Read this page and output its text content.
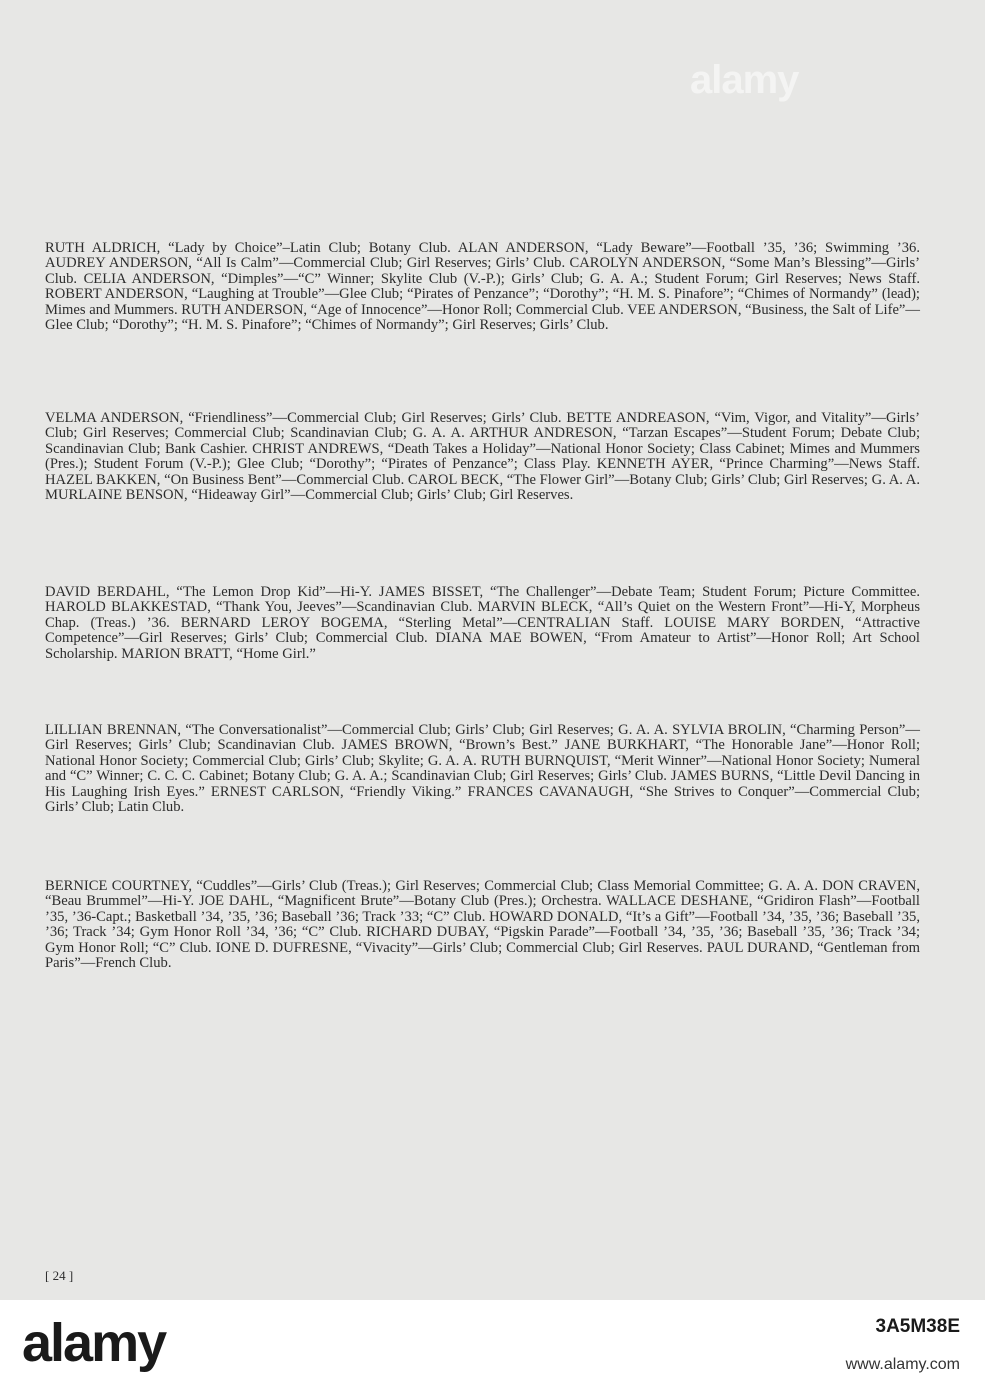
alamy

RUTH ALDRICH, “Lady by Choice”–Latin Club; Botany Club. ALAN ANDERSON, “Lady Beware”—Football ’35, ’36; Swimming ’36. AUDREY ANDERSON, “All Is Calm”—Commercial Club; Girl Reserves; Girls’ Club. CAROLYN ANDERSON, “Some Man’s Blessing”—Girls’ Club. CELIA ANDERSON, “Dimples”—“C” Winner; Skylite Club (V.-P.); Girls’ Club; G. A. A.; Student Forum; Girl Reserves; News Staff. ROBERT ANDERSON, “Laughing at Trouble”—Glee Club; “Pirates of Penzance”; “Dorothy”; “H. M. S. Pinafore”; “Chimes of Normandy” (lead); Mimes and Mummers. RUTH ANDERSON, “Age of Innocence”—Honor Roll; Commercial Club. VEE ANDERSON, “Business, the Salt of Life”—Glee Club; “Dorothy”; “H. M. S. Pinafore”; “Chimes of Normandy”; Girl Reserves; Girls’ Club.

VELMA ANDERSON, “Friendliness”—Commercial Club; Girl Reserves; Girls’ Club. BETTE ANDREASON, “Vim, Vigor, and Vitality”—Girls’ Club; Girl Reserves; Commercial Club; Scandinavian Club; G. A. A. ARTHUR ANDRESON, “Tarzan Escapes”—Student Forum; Debate Club; Scandinavian Club; Bank Cashier. CHRIST ANDREWS, “Death Takes a Holiday”—National Honor Society; Class Cabinet; Mimes and Mummers (Pres.); Student Forum (V.-P.); Glee Club; “Dorothy”; “Pirates of Penzance”; Class Play. KENNETH AYER, “Prince Charming”—News Staff. HAZEL BAKKEN, “On Business Bent”—Commercial Club. CAROL BECK, “The Flower Girl”—Botany Club; Girls’ Club; Girl Reserves; G. A. A. MURLAINE BENSON, “Hideaway Girl”—Commercial Club; Girls’ Club; Girl Reserves.

DAVID BERDAHL, “The Lemon Drop Kid”—Hi-Y. JAMES BISSET, “The Challenger”—Debate Team; Student Forum; Picture Committee. HAROLD BLAKKESTAD, “Thank You, Jeeves”—Scandinavian Club. MARVIN BLECK, “All’s Quiet on the Western Front”—Hi-Y, Morpheus Chap. (Treas.) ’36. BERNARD LEROY BOGEMA, “Sterling Metal”—CENTRALIAN Staff. LOUISE MARY BORDEN, “Attractive Competence”—Girl Reserves; Girls’ Club; Commercial Club. DIANA MAE BOWEN, “From Amateur to Artist”—Honor Roll; Art School Scholarship. MARION BRATT, “Home Girl.”

LILLIAN BRENNAN, “The Conversationalist”—Commercial Club; Girls’ Club; Girl Reserves; G. A. A. SYLVIA BROLIN, “Charming Person”—Girl Reserves; Girls’ Club; Scandinavian Club. JAMES BROWN, “Brown’s Best.” JANE BURKHART, “The Honorable Jane”—Honor Roll; National Honor Society; Commercial Club; Girls’ Club; Skylite; G. A. A. RUTH BURNQUIST, “Merit Winner”—National Honor Society; Numeral and “C” Winner; C. C. C. Cabinet; Botany Club; G. A. A.; Scandinavian Club; Girl Reserves; Girls’ Club. JAMES BURNS, “Little Devil Dancing in His Laughing Irish Eyes.” ERNEST CARLSON, “Friendly Viking.” FRANCES CAVANAUGH, “She Strives to Conquer”—Commercial Club; Girls’ Club; Latin Club.

BERNICE COURTNEY, “Cuddles”—Girls’ Club (Treas.); Girl Reserves; Commercial Club; Class Memorial Committee; G. A. A. DON CRAVEN, “Beau Brummel”—Hi-Y. JOE DAHL, “Magnificent Brute”—Botany Club (Pres.); Orchestra. WALLACE DESHANE, “Gridiron Flash”—Football ’35, ’36-Capt.; Basketball ’34, ’35, ’36; Baseball ’36; Track ’33; “C” Club. HOWARD DONALD, “It’s a Gift”—Football ’34, ’35, ’36; Baseball ’35, ’36; Track ’34; Gym Honor Roll ’34, ’36; “C” Club. RICHARD DUBAY, “Pigskin Parade”—Football ’34, ’35, ’36; Baseball ’35, ’36; Track ’34; Gym Honor Roll; “C” Club. IONE D. DUFRESNE, “Vivacity”—Girls’ Club; Commercial Club; Girl Reserves. PAUL DURAND, “Gentleman from Paris”—French Club.

[ 24 ]
alamy	3A5M38E
www.alamy.com
